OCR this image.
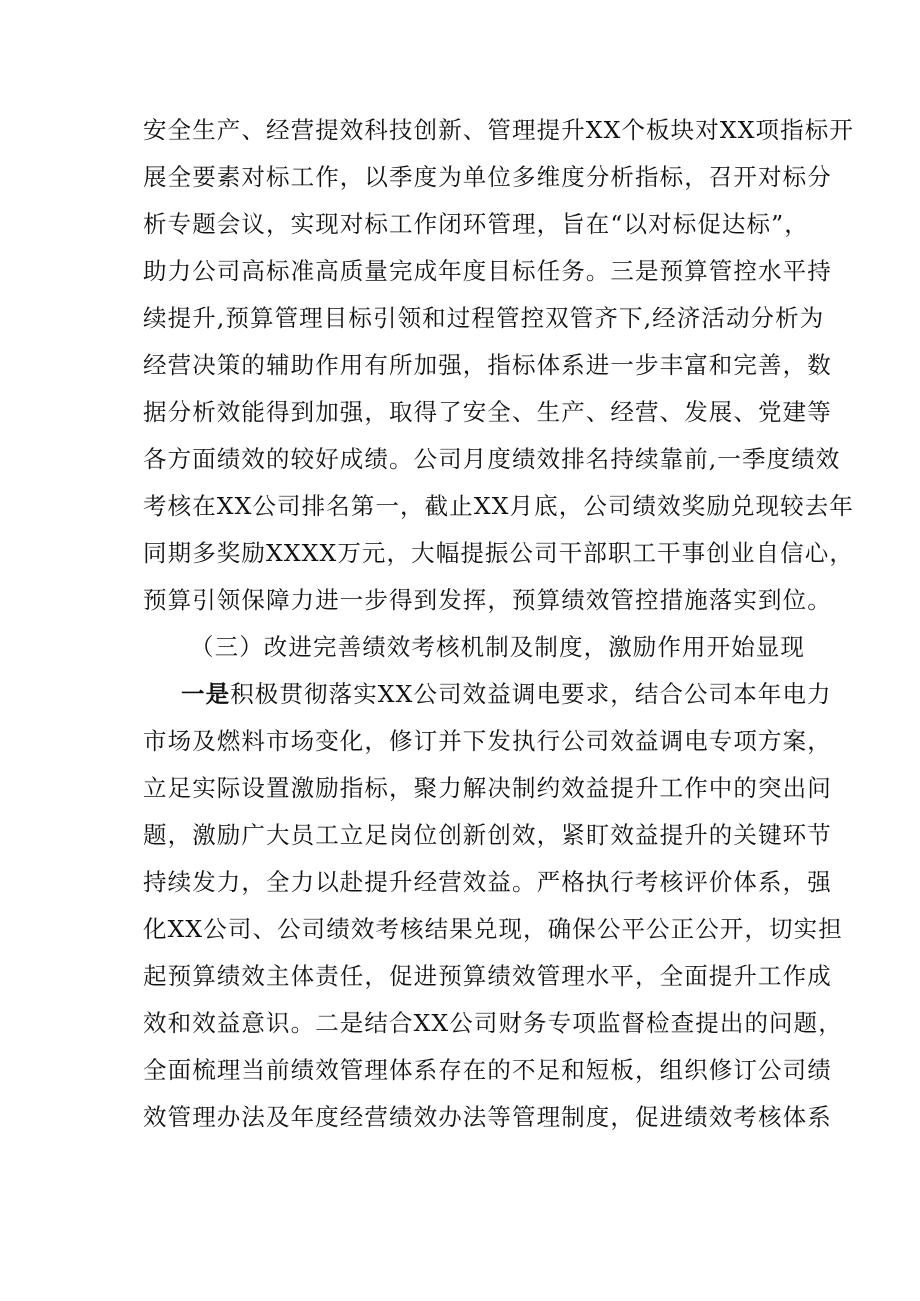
安全生产、经营提效科技创新、管理提升XX个板块对XX项指标开
展全要素对标工作，以季度为单位多维度分析指标，召开对标分
析专题会议，实现对标工作闭环管理，旨在“以对标促达标”，
助力公司高标准高质量完成年度目标任务。三是预算管控水平持
续提升,预算管理目标引领和过程管控双管齐下,经济活动分析为
经营决策的辅助作用有所加强，指标体系进一步丰富和完善，数
据分析效能得到加强，取得了安全、生产、经营、发展、党建等
各方面绩效的较好成绩。公司月度绩效排名持续靠前,一季度绩效
考核在XX公司排名第一，截止XX月底，公司绩效奖励兑现较去年
同期多奖励XXXX万元，大幅提振公司干部职工干事创业自信心，
预算引领保障力进一步得到发挥，预算绩效管控措施落实到位。
（三）改进完善绩效考核机制及制度，激励作用开始显现
一是积极贯彻落实XX公司效益调电要求，结合公司本年电力
市场及燃料市场变化，修订并下发执行公司效益调电专项方案，
立足实际设置激励指标，聚力解决制约效益提升工作中的突出问
题，激励广大员工立足岗位创新创效，紧盯效益提升的关键环节
持续发力，全力以赴提升经营效益。严格执行考核评价体系，强
化XX公司、公司绩效考核结果兑现，确保公平公正公开，切实担
起预算绩效主体责任，促进预算绩效管理水平，全面提升工作成
效和效益意识。二是结合XX公司财务专项监督检查提出的问题，
全面梳理当前绩效管理体系存在的不足和短板，组织修订公司绩
效管理办法及年度经营绩效办法等管理制度，促进绩效考核体系
